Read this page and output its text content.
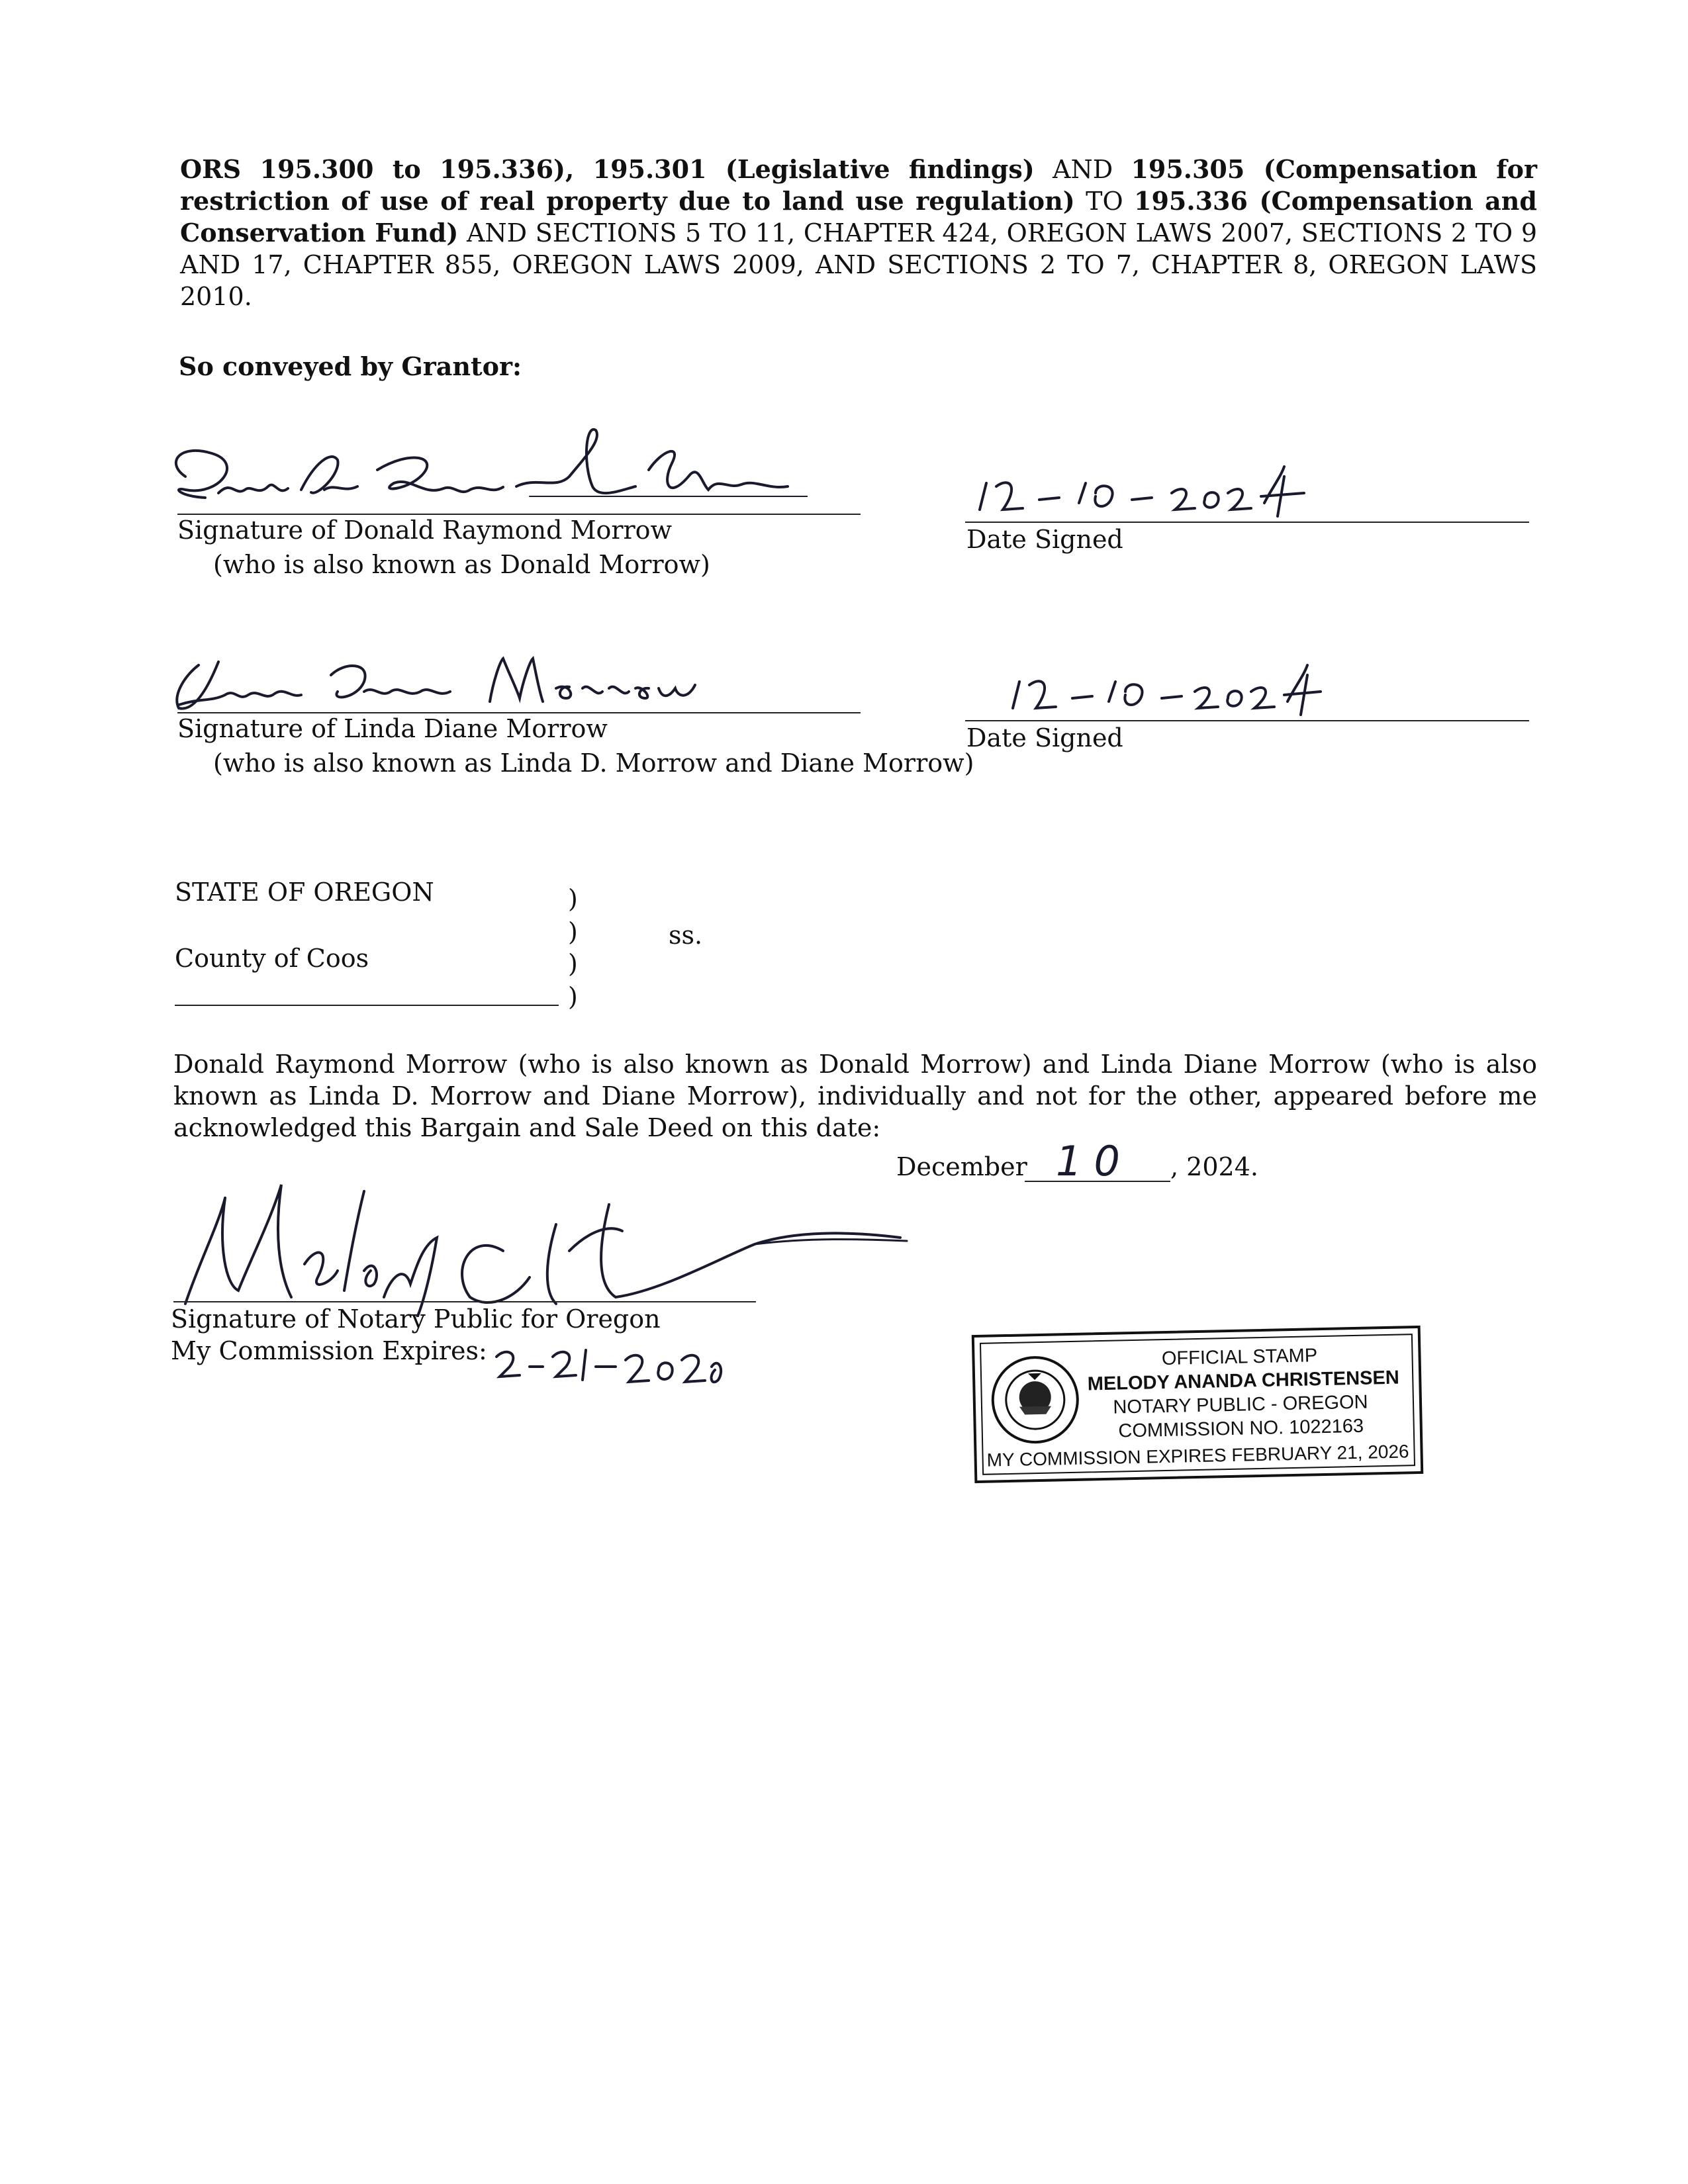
ORS 195.300 to 195.336), 195.301 (Legislative findings) AND 195.305 (Compensation for restriction of use of real property due to land use regulation) TO 195.336 (Compensation and Conservation Fund) AND SECTIONS 5 TO 11, CHAPTER 424, OREGON LAWS 2007, SECTIONS 2 TO 9 AND 17, CHAPTER 855, OREGON LAWS 2009, AND SECTIONS 2 TO 7, CHAPTER 8, OREGON LAWS 2010.
So conveyed by Grantor:
Signature of Donald Raymond Morrow
(who is also known as Donald Morrow)
Date Signed
Signature of Linda Diane Morrow
(who is also known as Linda D. Morrow and Diane Morrow)
Date Signed
STATE OF OREGON
County of Coos
)
)
)
)
ss.
Donald Raymond Morrow (who is also known as Donald Morrow) and Linda Diane Morrow (who is also known as Linda D. Morrow and Diane Morrow), individually and not for the other, appeared before me acknowledged this Bargain and Sale Deed on this date:
December 10 , 2024.
Signature of Notary Public for Oregon
My Commission Expires:	OFFICIAL STAMP
MELODY ANANDA CHRISTENSEN
NOTARY PUBLIC - OREGON
COMMISSION NO. 1022163
MY COMMISSION EXPIRES FEBRUARY 21, 2026
